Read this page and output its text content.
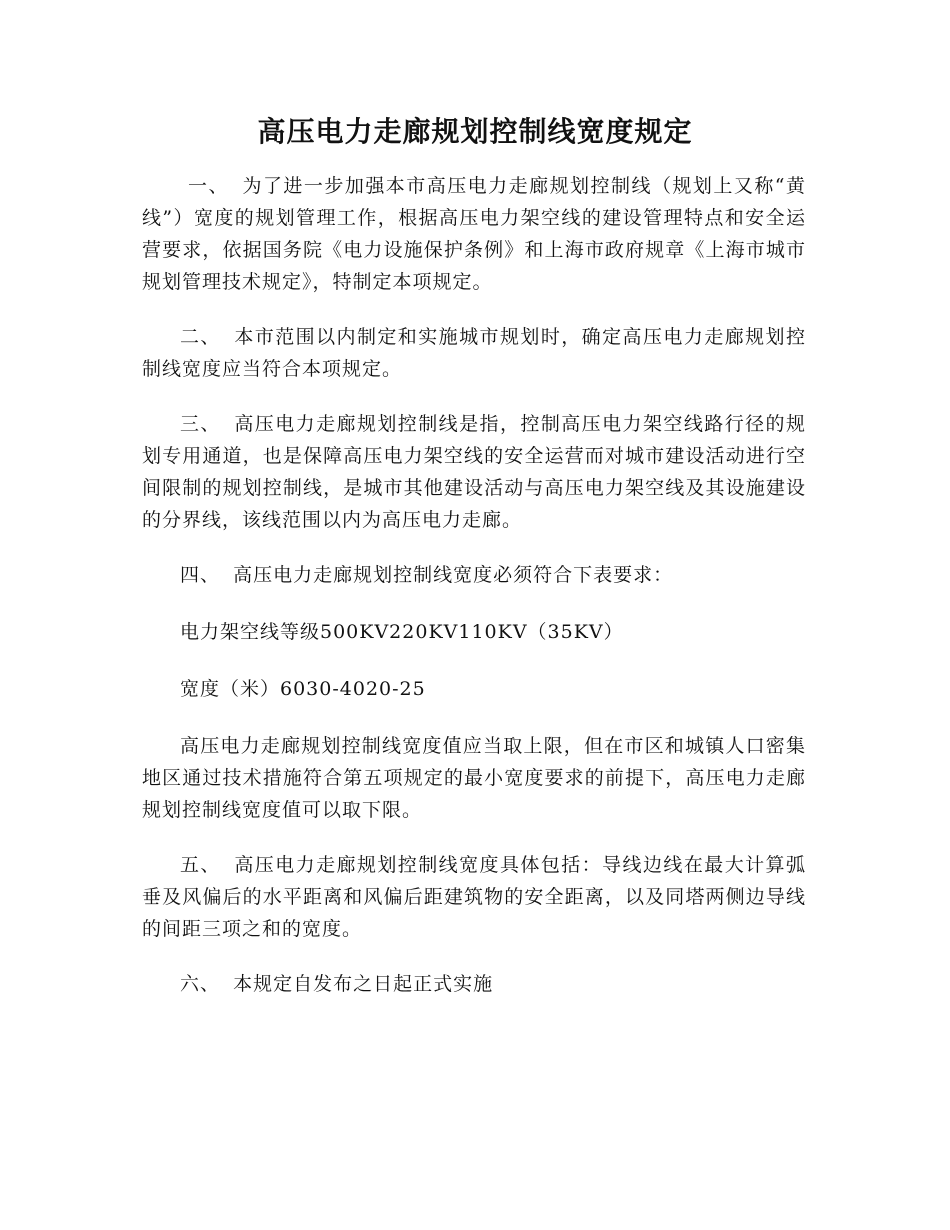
高压电力走廊规划控制线宽度规定

一、 为了进一步加强本市高压电力走廊规划控制线（规划上又称“黄线”）宽度的规划管理工作，根据高压电力架空线的建设管理特点和安全运营要求，依据国务院《电力设施保护条例》和上海市政府规章《上海市城市规划管理技术规定》，特制定本项规定。

二、 本市范围以内制定和实施城市规划时，确定高压电力走廊规划控制线宽度应当符合本项规定。

三、 高压电力走廊规划控制线是指，控制高压电力架空线路行径的规划专用通道，也是保障高压电力架空线的安全运营而对城市建设活动进行空间限制的规划控制线，是城市其他建设活动与高压电力架空线及其设施建设的分界线，该线范围以内为高压电力走廊。

四、 高压电力走廊规划控制线宽度必须符合下表要求：

电力架空线等级500KV220KV110KV（35KV）

宽度（米）6030-4020-25

高压电力走廊规划控制线宽度值应当取上限，但在市区和城镇人口密集地区通过技术措施符合第五项规定的最小宽度要求的前提下，高压电力走廊规划控制线宽度值可以取下限。

五、 高压电力走廊规划控制线宽度具体包括：导线边线在最大计算弧垂及风偏后的水平距离和风偏后距建筑物的安全距离，以及同塔两侧边导线的间距三项之和的宽度。

六、 本规定自发布之日起正式实施
